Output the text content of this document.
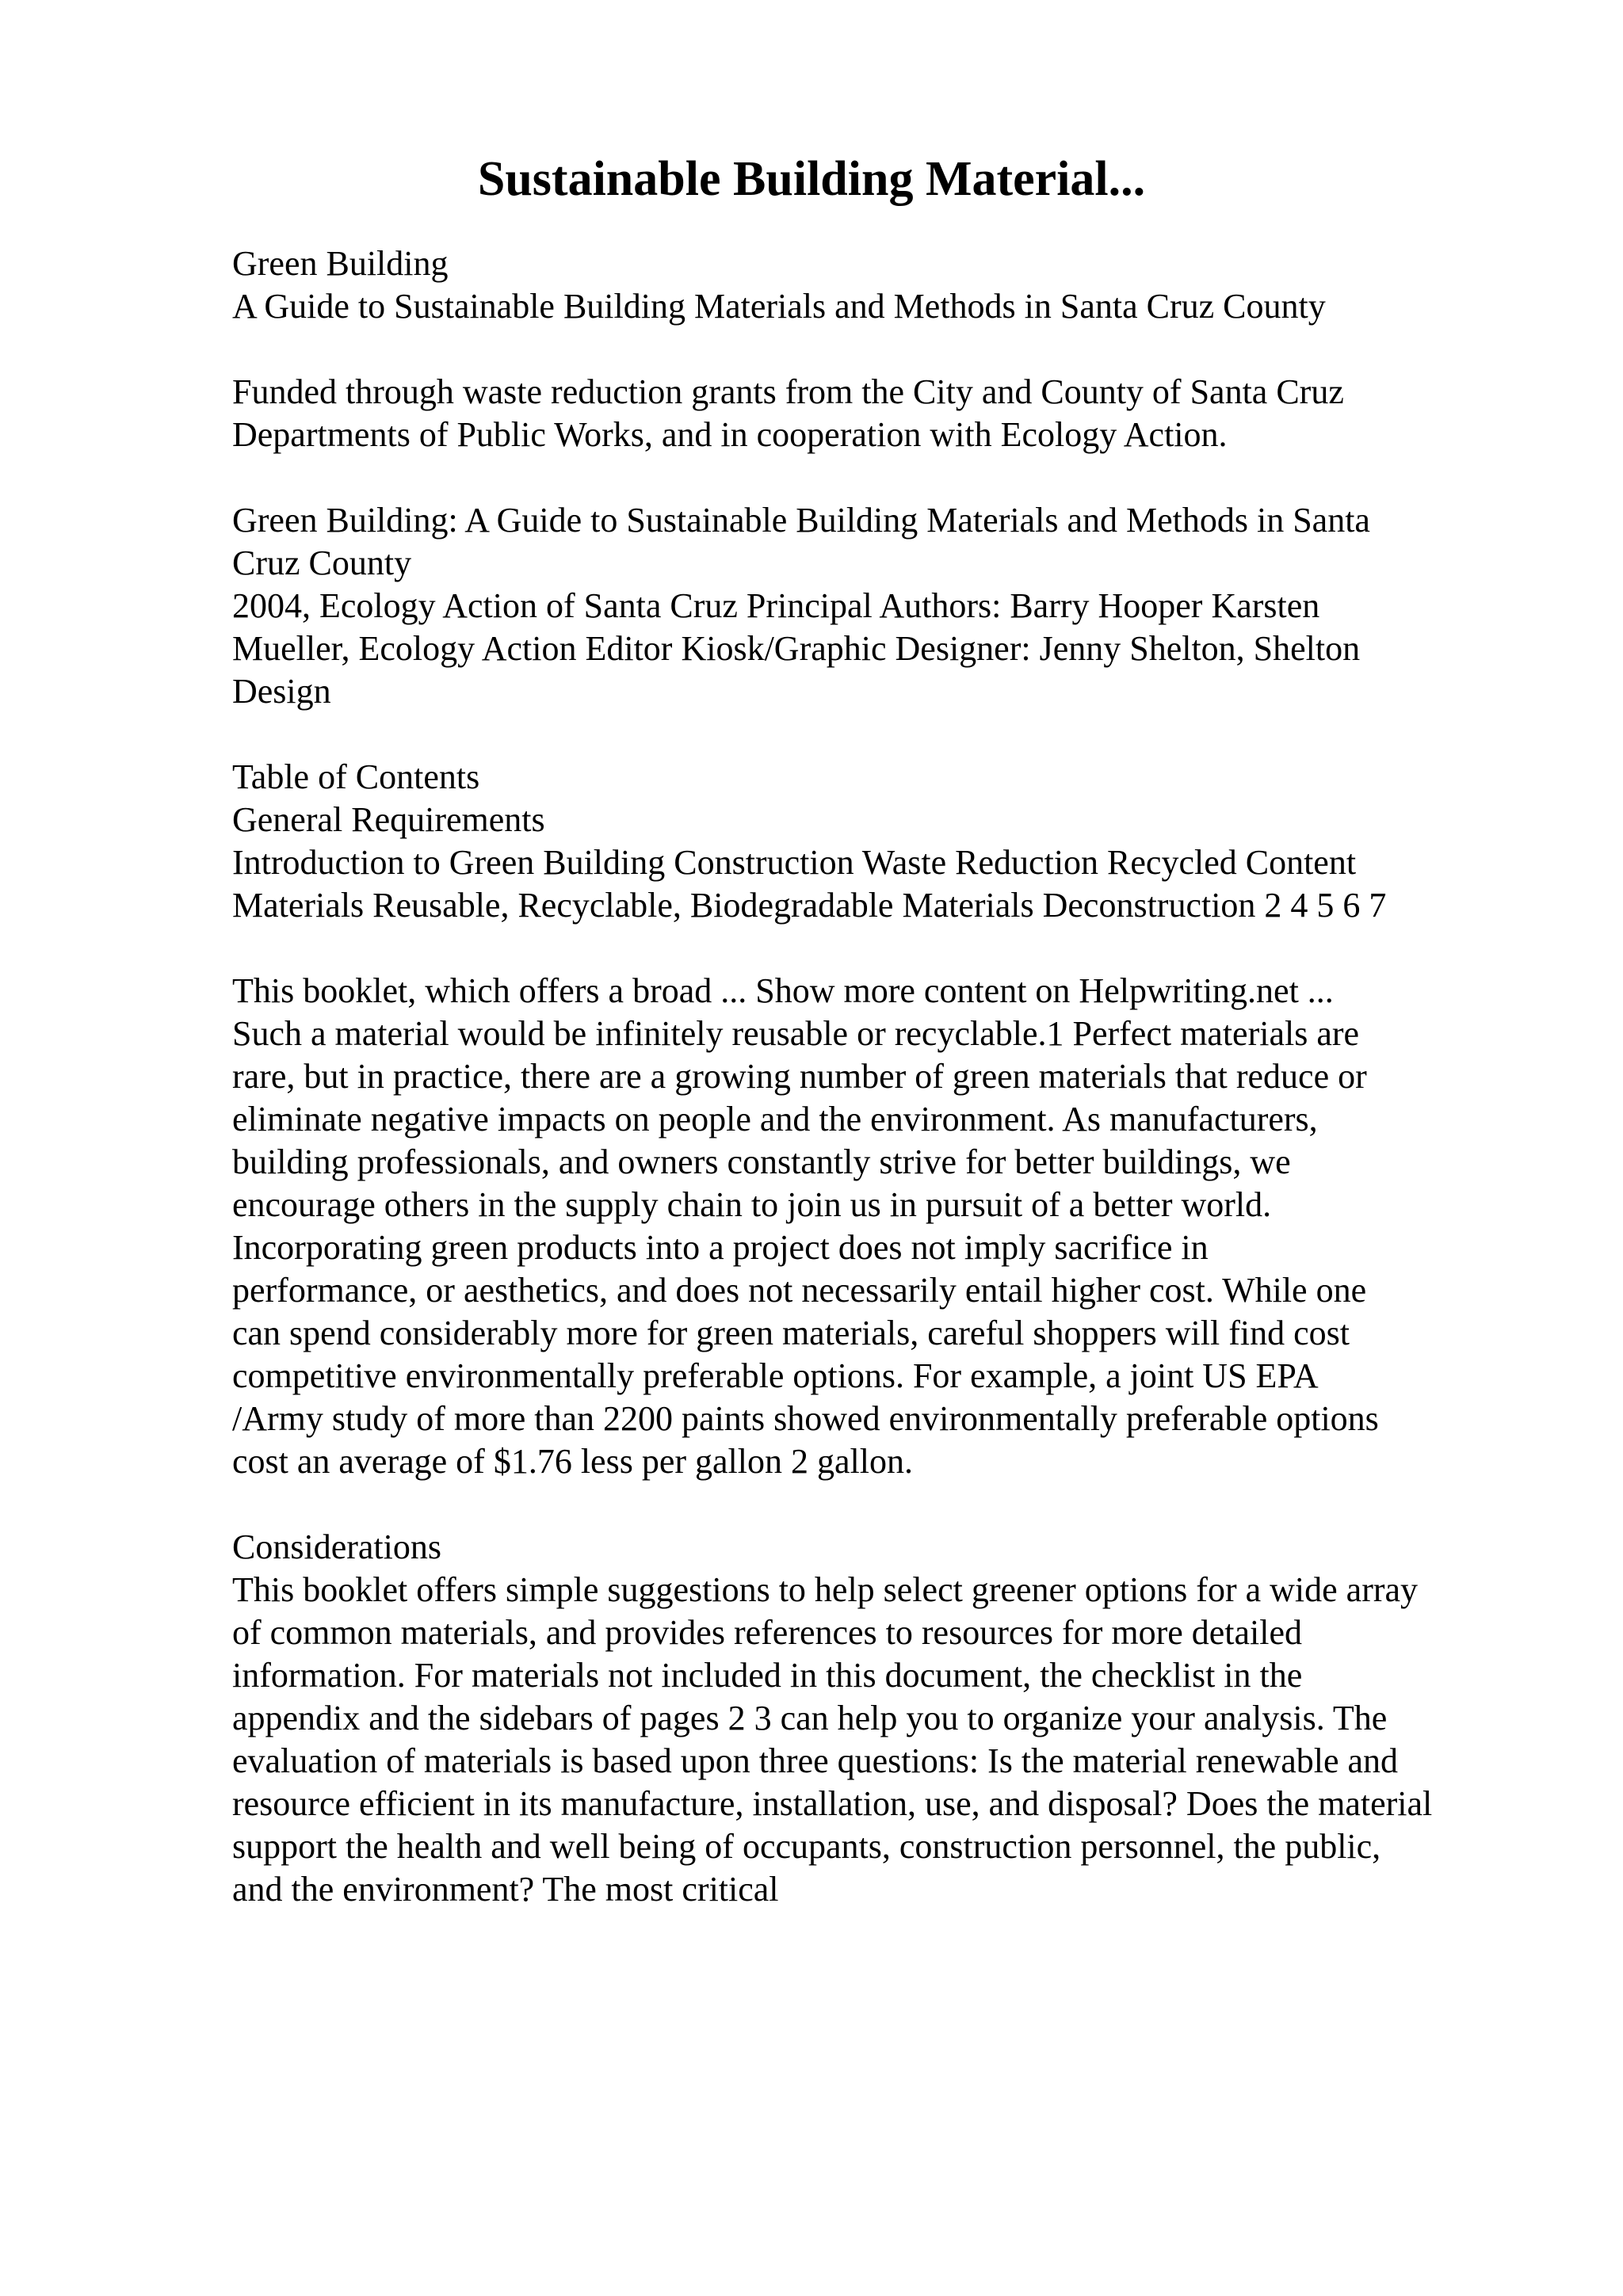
Sustainable Building Material...

Green Building
A Guide to Sustainable Building Materials and Methods in Santa Cruz County

Funded through waste reduction grants from the City and County of Santa Cruz
Departments of Public Works, and in cooperation with Ecology Action.

Green Building: A Guide to Sustainable Building Materials and Methods in Santa
Cruz County
2004, Ecology Action of Santa Cruz Principal Authors: Barry Hooper Karsten
Mueller, Ecology Action Editor Kiosk/Graphic Designer: Jenny Shelton, Shelton
Design

Table of Contents
General Requirements
Introduction to Green Building Construction Waste Reduction Recycled Content
Materials Reusable, Recyclable, Biodegradable Materials Deconstruction 2 4 5 6 7

This booklet, which offers a broad ... Show more content on Helpwriting.net ...
Such a material would be infinitely reusable or recyclable.1 Perfect materials are
rare, but in practice, there are a growing number of green materials that reduce or
eliminate negative impacts on people and the environment. As manufacturers,
building professionals, and owners constantly strive for better buildings, we
encourage others in the supply chain to join us in pursuit of a better world.
Incorporating green products into a project does not imply sacrifice in
performance, or aesthetics, and does not necessarily entail higher cost. While one
can spend considerably more for green materials, careful shoppers will find cost
competitive environmentally preferable options. For example, a joint US EPA
/Army study of more than 2200 paints showed environmentally preferable options
cost an average of $1.76 less per gallon 2 gallon.

Considerations
This booklet offers simple suggestions to help select greener options for a wide array
of common materials, and provides references to resources for more detailed
information. For materials not included in this document, the checklist in the
appendix and the sidebars of pages 2 3 can help you to organize your analysis. The
evaluation of materials is based upon three questions: Is the material renewable and
resource efficient in its manufacture, installation, use, and disposal? Does the material
support the health and well being of occupants, construction personnel, the public,
and the environment? The most critical
